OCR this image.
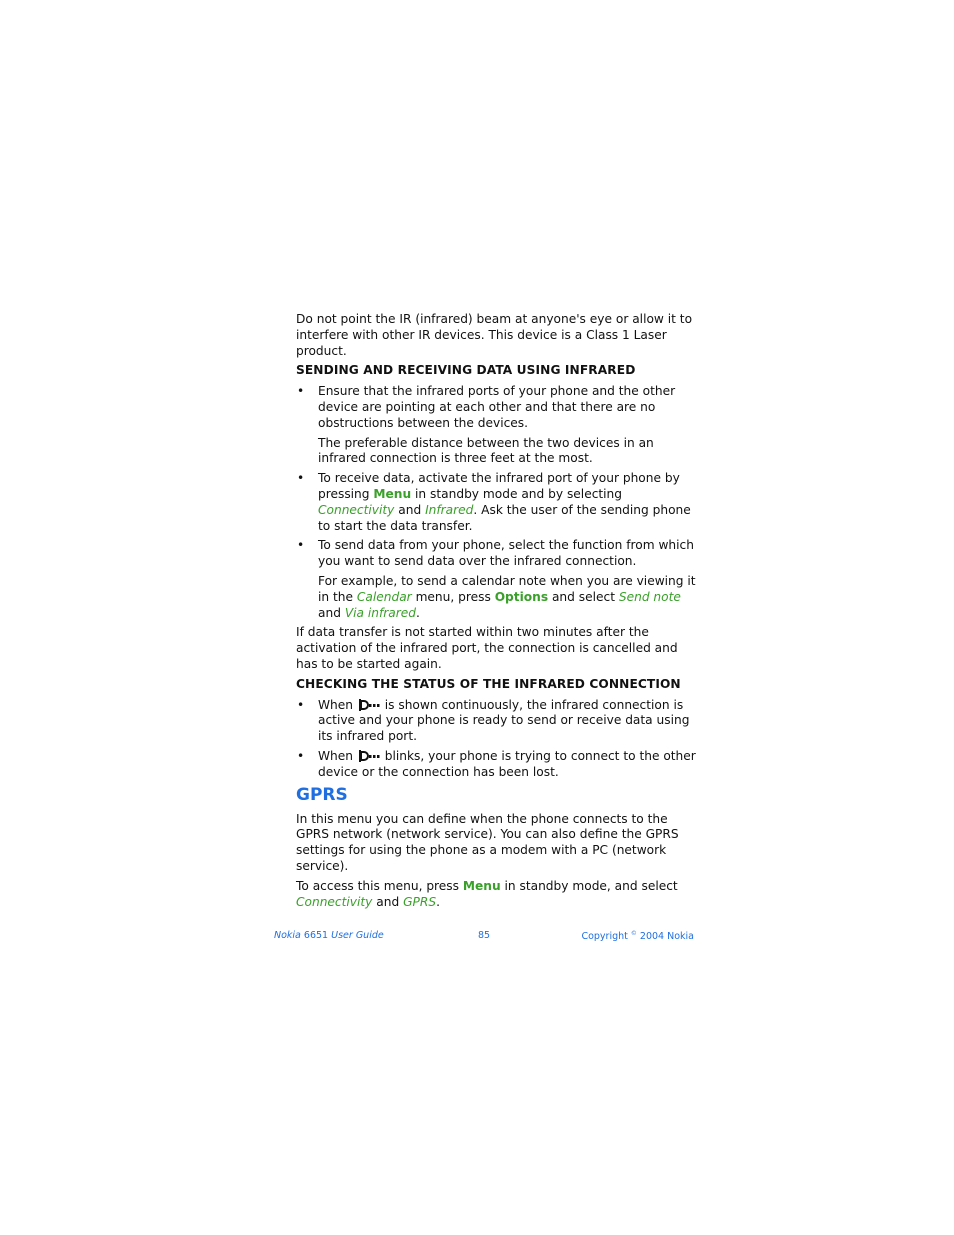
Do not point the IR (infrared) beam at anyone's eye or allow it to interfere with other IR devices. This device is a Class 1 Laser product.

SENDING AND RECEIVING DATA USING INFRARED
• Ensure that the infrared ports of your phone and the other device are pointing at each other and that there are no obstructions between the devices.

The preferable distance between the two devices in an infrared connection is three feet at the most.

• To receive data, activate the infrared port of your phone by pressing Menu in standby mode and by selecting Connectivity and Infrared. Ask the user of the sending phone to start the data transfer.

• To send data from your phone, select the function from which you want to send data over the infrared connection.

For example, to send a calendar note when you are viewing it in the Calendar menu, press Options and select Send note and Via infrared.

If data transfer is not started within two minutes after the activation of the infrared port, the connection is cancelled and has to be started again.

CHECKING THE STATUS OF THE INFRARED CONNECTION
• When	is shown continuously, the infrared connection is active and your phone is ready to send or receive data using its infrared port.

• When	blinks, your phone is trying to connect to the other device or the connection has been lost.

GPRS

In this menu you can define when the phone connects to the GPRS network (network service). You can also define the GPRS settings for using the phone as a modem with a PC (network service).

To access this menu, press Menu in standby mode, and select Connectivity and GPRS.

Nokia 6651 User Guide	85	Copyright © 2004 Nokia
